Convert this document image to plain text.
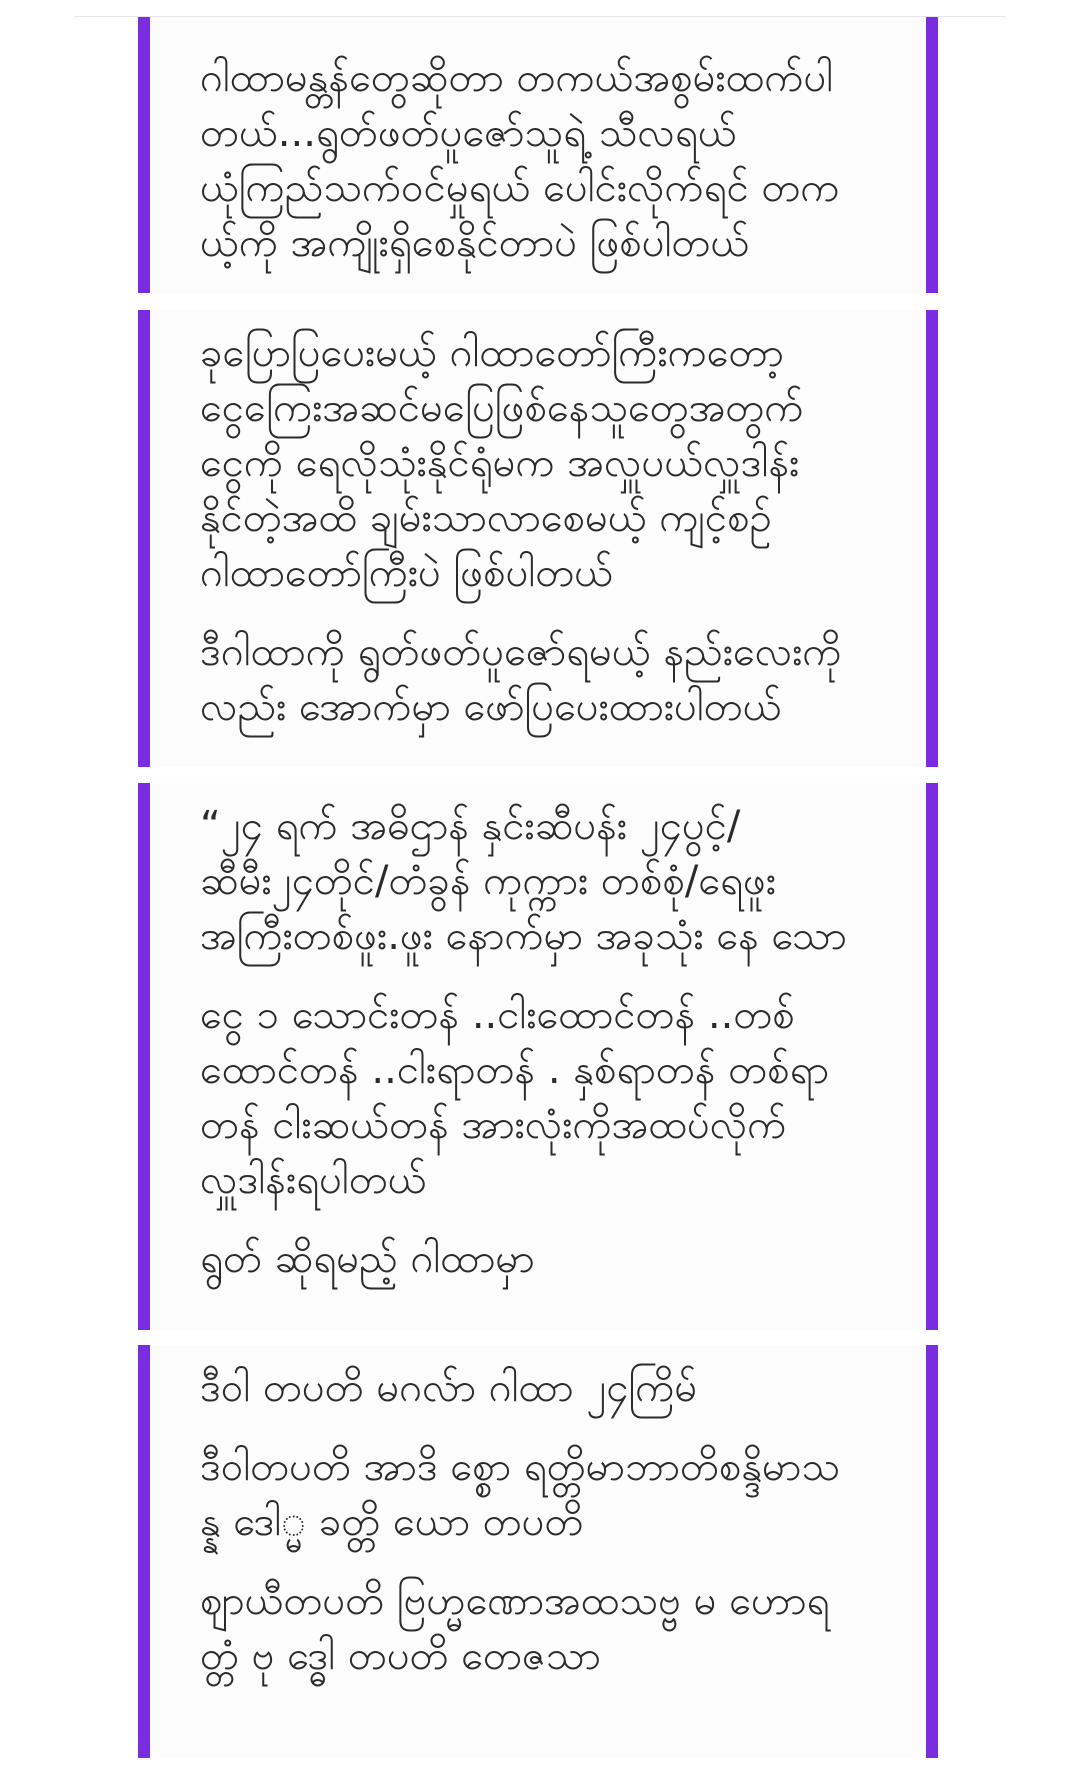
ဂါထာမန္တန်တွေဆိုတာ တကယ်အစွမ်းထက်ပါ
တယ်...ရွတ်ဖတ်ပူဇော်သူရဲ့ သီလရယ်
ယုံကြည်သက်ဝင်မှုရယ် ပေါင်းလိုက်ရင် တက
ယ့်ကို အကျိုးရှိစေနိုင်တာပဲ ဖြစ်ပါတယ်

ခုပြောပြပေးမယ့် ဂါထာတော်ကြီးကတော့
ငွေကြေးအဆင်မပြေဖြစ်နေသူတွေအတွက်
ငွေကို ရေလိုသုံးနိုင်ရုံမက အလှူပယ်လှူဒါန်း
နိုင်တဲ့အထိ ချမ်းသာလာစေမယ့် ကျင့်စဉ်
ဂါထာတော်ကြီးပဲ ဖြစ်ပါတယ်

ဒီဂါထာကို ရွတ်ဖတ်ပူဇော်ရမယ့် နည်းလေးကို
လည်း အောက်မှာ ဖော်ပြပေးထားပါတယ်

“၂၄ ရက် အဓိဌာန် နှင်းဆီပန်း ၂၄ပွင့်/
ဆီမီး၂၄တိုင်/တံခွန် ကုက္ကား တစ်စုံ/ရေဖူး
အကြီးတစ်ဖူး.ဖူး နောက်မှာ အခုသုံး နေ သော

ငွေ ၁ သောင်းတန် ..ငါးထောင်တန် ..တစ်
ထောင်တန် ..ငါးရာတန် . နှစ်ရာတန် တစ်ရာ
တန် ငါးဆယ်တန် အားလုံးကိုအထပ်လိုက်
လှူဒါန်းရပါတယ်

ရွတ် ဆိုရမည့် ဂါထာမှာ

ဒီဝါ တပတိ မဂလ်ာ ဂါထာ ၂၄ကြိမ်

ဒီဝါတပတိ အာဒိ စ္စော ရတ္တိမာဘာတိစန္ဒိမာသ
န္န ဒေါ္မ ခတ္တိ ယော တပတိ

ဈာယီတပတိ ဗြဟ္မဏောအထသဗ္ဗ မ ဟောရ
တ္တံ ဗု ဒ္ဓေါ တပတိ တေဇသာ
